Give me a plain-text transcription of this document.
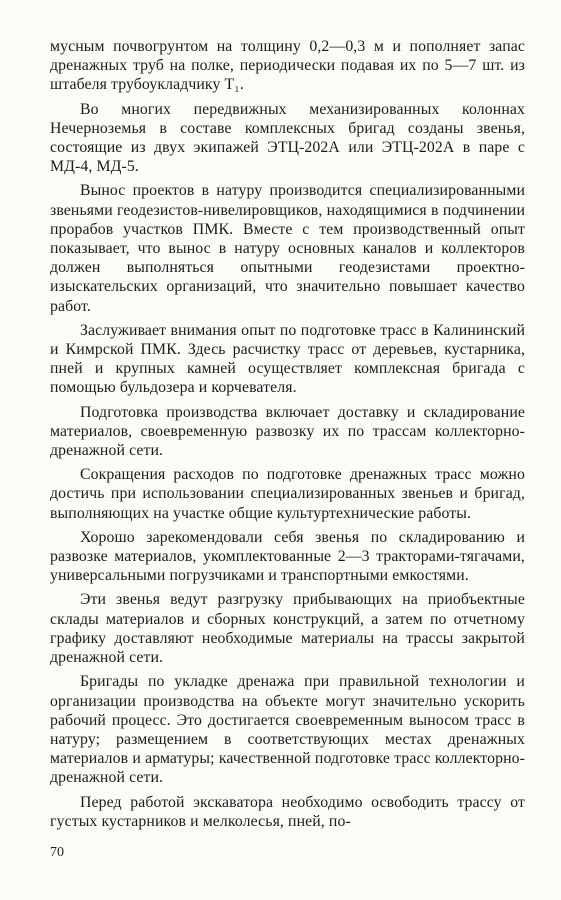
мусным почвогрунтом на толщину 0,2—0,3 м и пополняет запас дренажных труб на полке, периодически подавая их по 5—7 шт. из штабеля трубоукладчику Т₁.

Во многих передвижных механизированных колоннах Нечерноземья в составе комплексных бригад созданы звенья, состоящие из двух экипажей ЭТЦ-202А или ЭТЦ-202А в паре с МД-4, МД-5.

Вынос проектов в натуру производится специализированными звеньями геодезистов-нивелировщиков, находящимися в подчинении прорабов участков ПМК. Вместе с тем производственный опыт показывает, что вынос в натуру основных каналов и коллекторов должен выполняться опытными геодезистами проектно-изыскательских организаций, что значительно повышает качество работ.

Заслуживает внимания опыт по подготовке трасс в Калининский и Кимрской ПМК. Здесь расчистку трасс от деревьев, кустарника, пней и крупных камней осуществляет комплексная бригада с помощью бульдозера и корчевателя.

Подготовка производства включает доставку и складирование материалов, своевременную развозку их по трассам коллекторно-дренажной сети.

Сокращения расходов по подготовке дренажных трасс можно достичь при использовании специализированных звеньев и бригад, выполняющих на участке общие культуртехнические работы.

Хорошо зарекомендовали себя звенья по складированию и развозке материалов, укомплектованные 2—3 тракторами-тягачами, универсальными погрузчиками и транспортными емкостями.

Эти звенья ведут разгрузку прибывающих на приобъектные склады материалов и сборных конструкций, а затем по отчетному графику доставляют необходимые материалы на трассы закрытой дренажной сети.

Бригады по укладке дренажа при правильной технологии и организации производства на объекте могут значительно ускорить рабочий процесс. Это достигается своевременным выносом трасс в натуру; размещением в соответствующих местах дренажных материалов и арматуры; качественной подготовке трасс коллекторно-дренажной сети.

Перед работой экскаватора необходимо освободить трассу от густых кустарников и мелколесья, пней, по-

70
